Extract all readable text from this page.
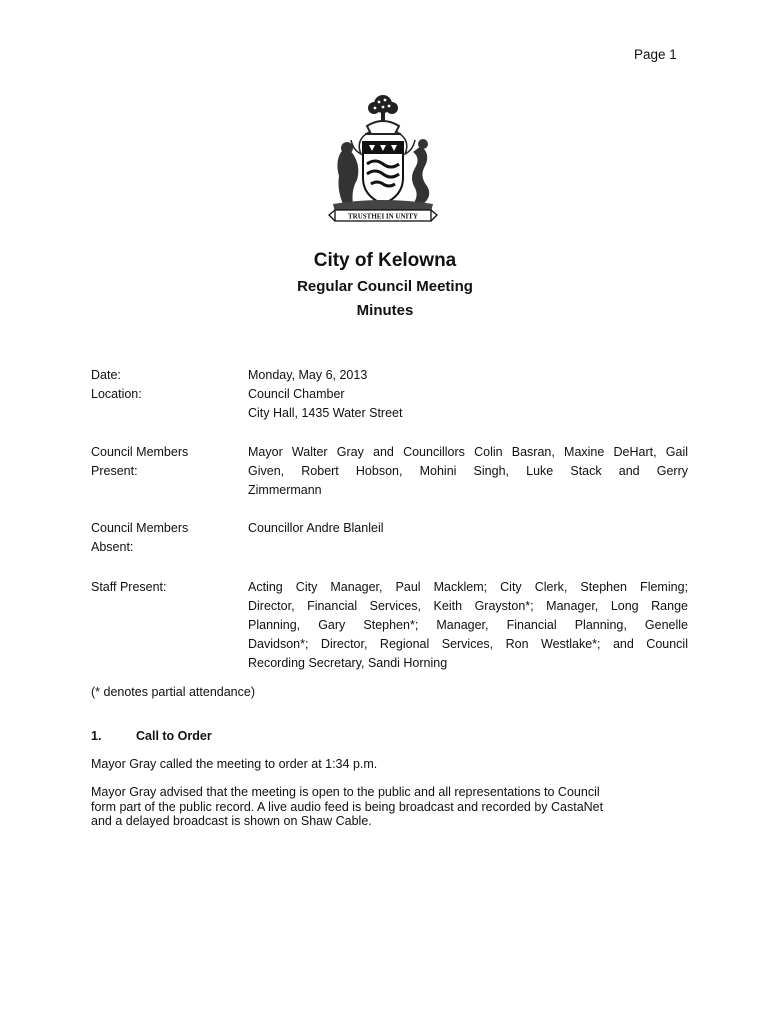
Page 1
TRUSTHEI IN UNITY
City of Kelowna
Regular Council Meeting
Minutes
Date:	Monday, May 6, 2013
Location:	Council Chamber
City Hall, 1435 Water Street
Council Members
Present:
Mayor Walter Gray and Councillors Colin Basran, Maxine DeHart, Gail
Given, Robert Hobson, Mohini Singh, Luke Stack and Gerry
Zimmermann
Council Members
Absent:
Councillor Andre Blanleil
Staff Present:	Acting City Manager, Paul Macklem; City Clerk, Stephen Fleming;
Director, Financial Services, Keith Grayston*; Manager, Long Range
Planning, Gary Stephen*; Manager, Financial Planning, Genelle
Davidson*; Director, Regional Services, Ron Westlake*; and Council
Recording Secretary, Sandi Horning
(* denotes partial attendance)
1.	Call to Order
Mayor Gray called the meeting to order at 1:34 p.m.
Mayor Gray advised that the meeting is open to the public and all representations to Council
form part of the public record. A live audio feed is being broadcast and recorded by CastaNet
and a delayed broadcast is shown on Shaw Cable.
